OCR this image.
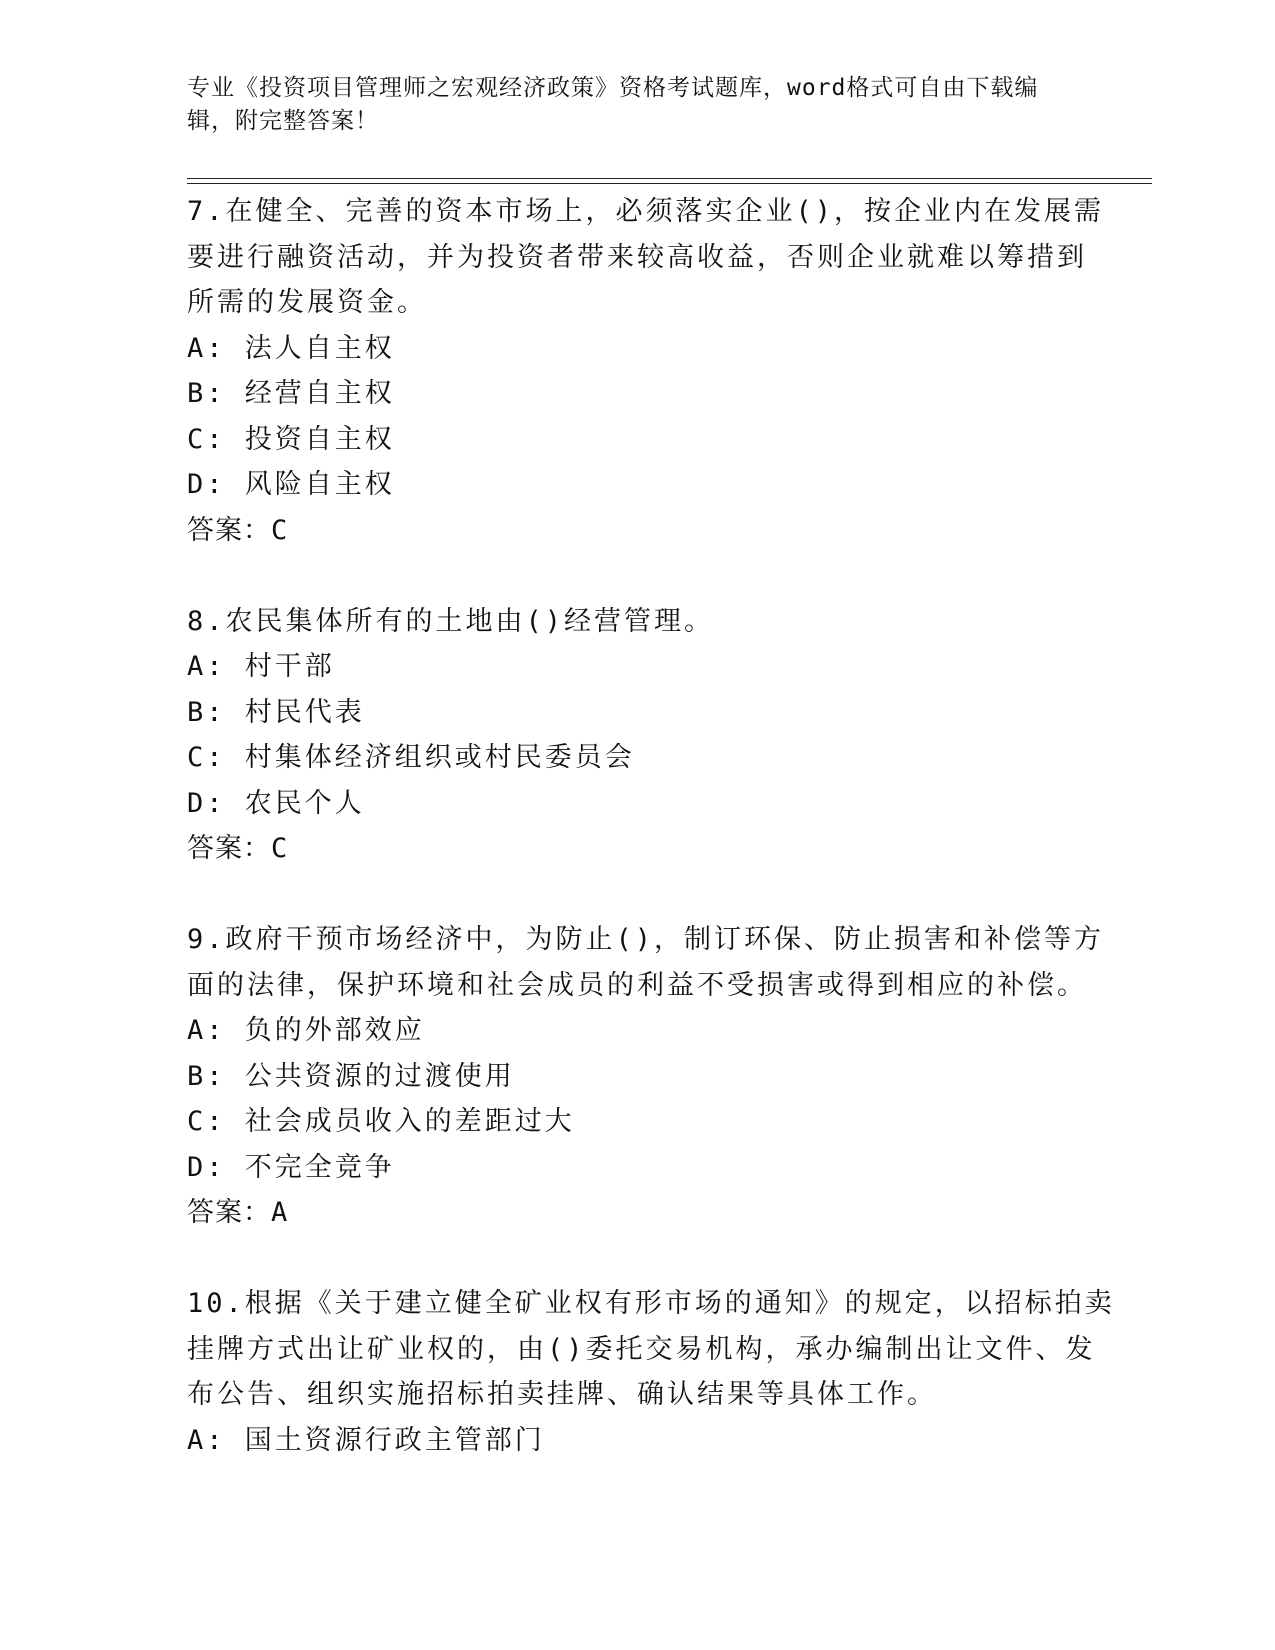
专业《投资项目管理师之宏观经济政策》资格考试题库，word格式可自由下载编
辑，附完整答案！
7.在健全、完善的资本市场上，必须落实企业()，按企业内在发展需
要进行融资活动，并为投资者带来较高收益，否则企业就难以筹措到
所需的发展资金。
A: 法人自主权
B: 经营自主权
C: 投资自主权
D: 风险自主权
答案：C
8.农民集体所有的土地由()经营管理。
A: 村干部
B: 村民代表
C: 村集体经济组织或村民委员会
D: 农民个人
答案：C
9.政府干预市场经济中，为防止()，制订环保、防止损害和补偿等方
面的法律，保护环境和社会成员的利益不受损害或得到相应的补偿。
A: 负的外部效应
B: 公共资源的过渡使用
C: 社会成员收入的差距过大
D: 不完全竞争
答案：A
10.根据《关于建立健全矿业权有形市场的通知》的规定，以招标拍卖
挂牌方式出让矿业权的，由()委托交易机构，承办编制出让文件、发
布公告、组织实施招标拍卖挂牌、确认结果等具体工作。
A: 国土资源行政主管部门
